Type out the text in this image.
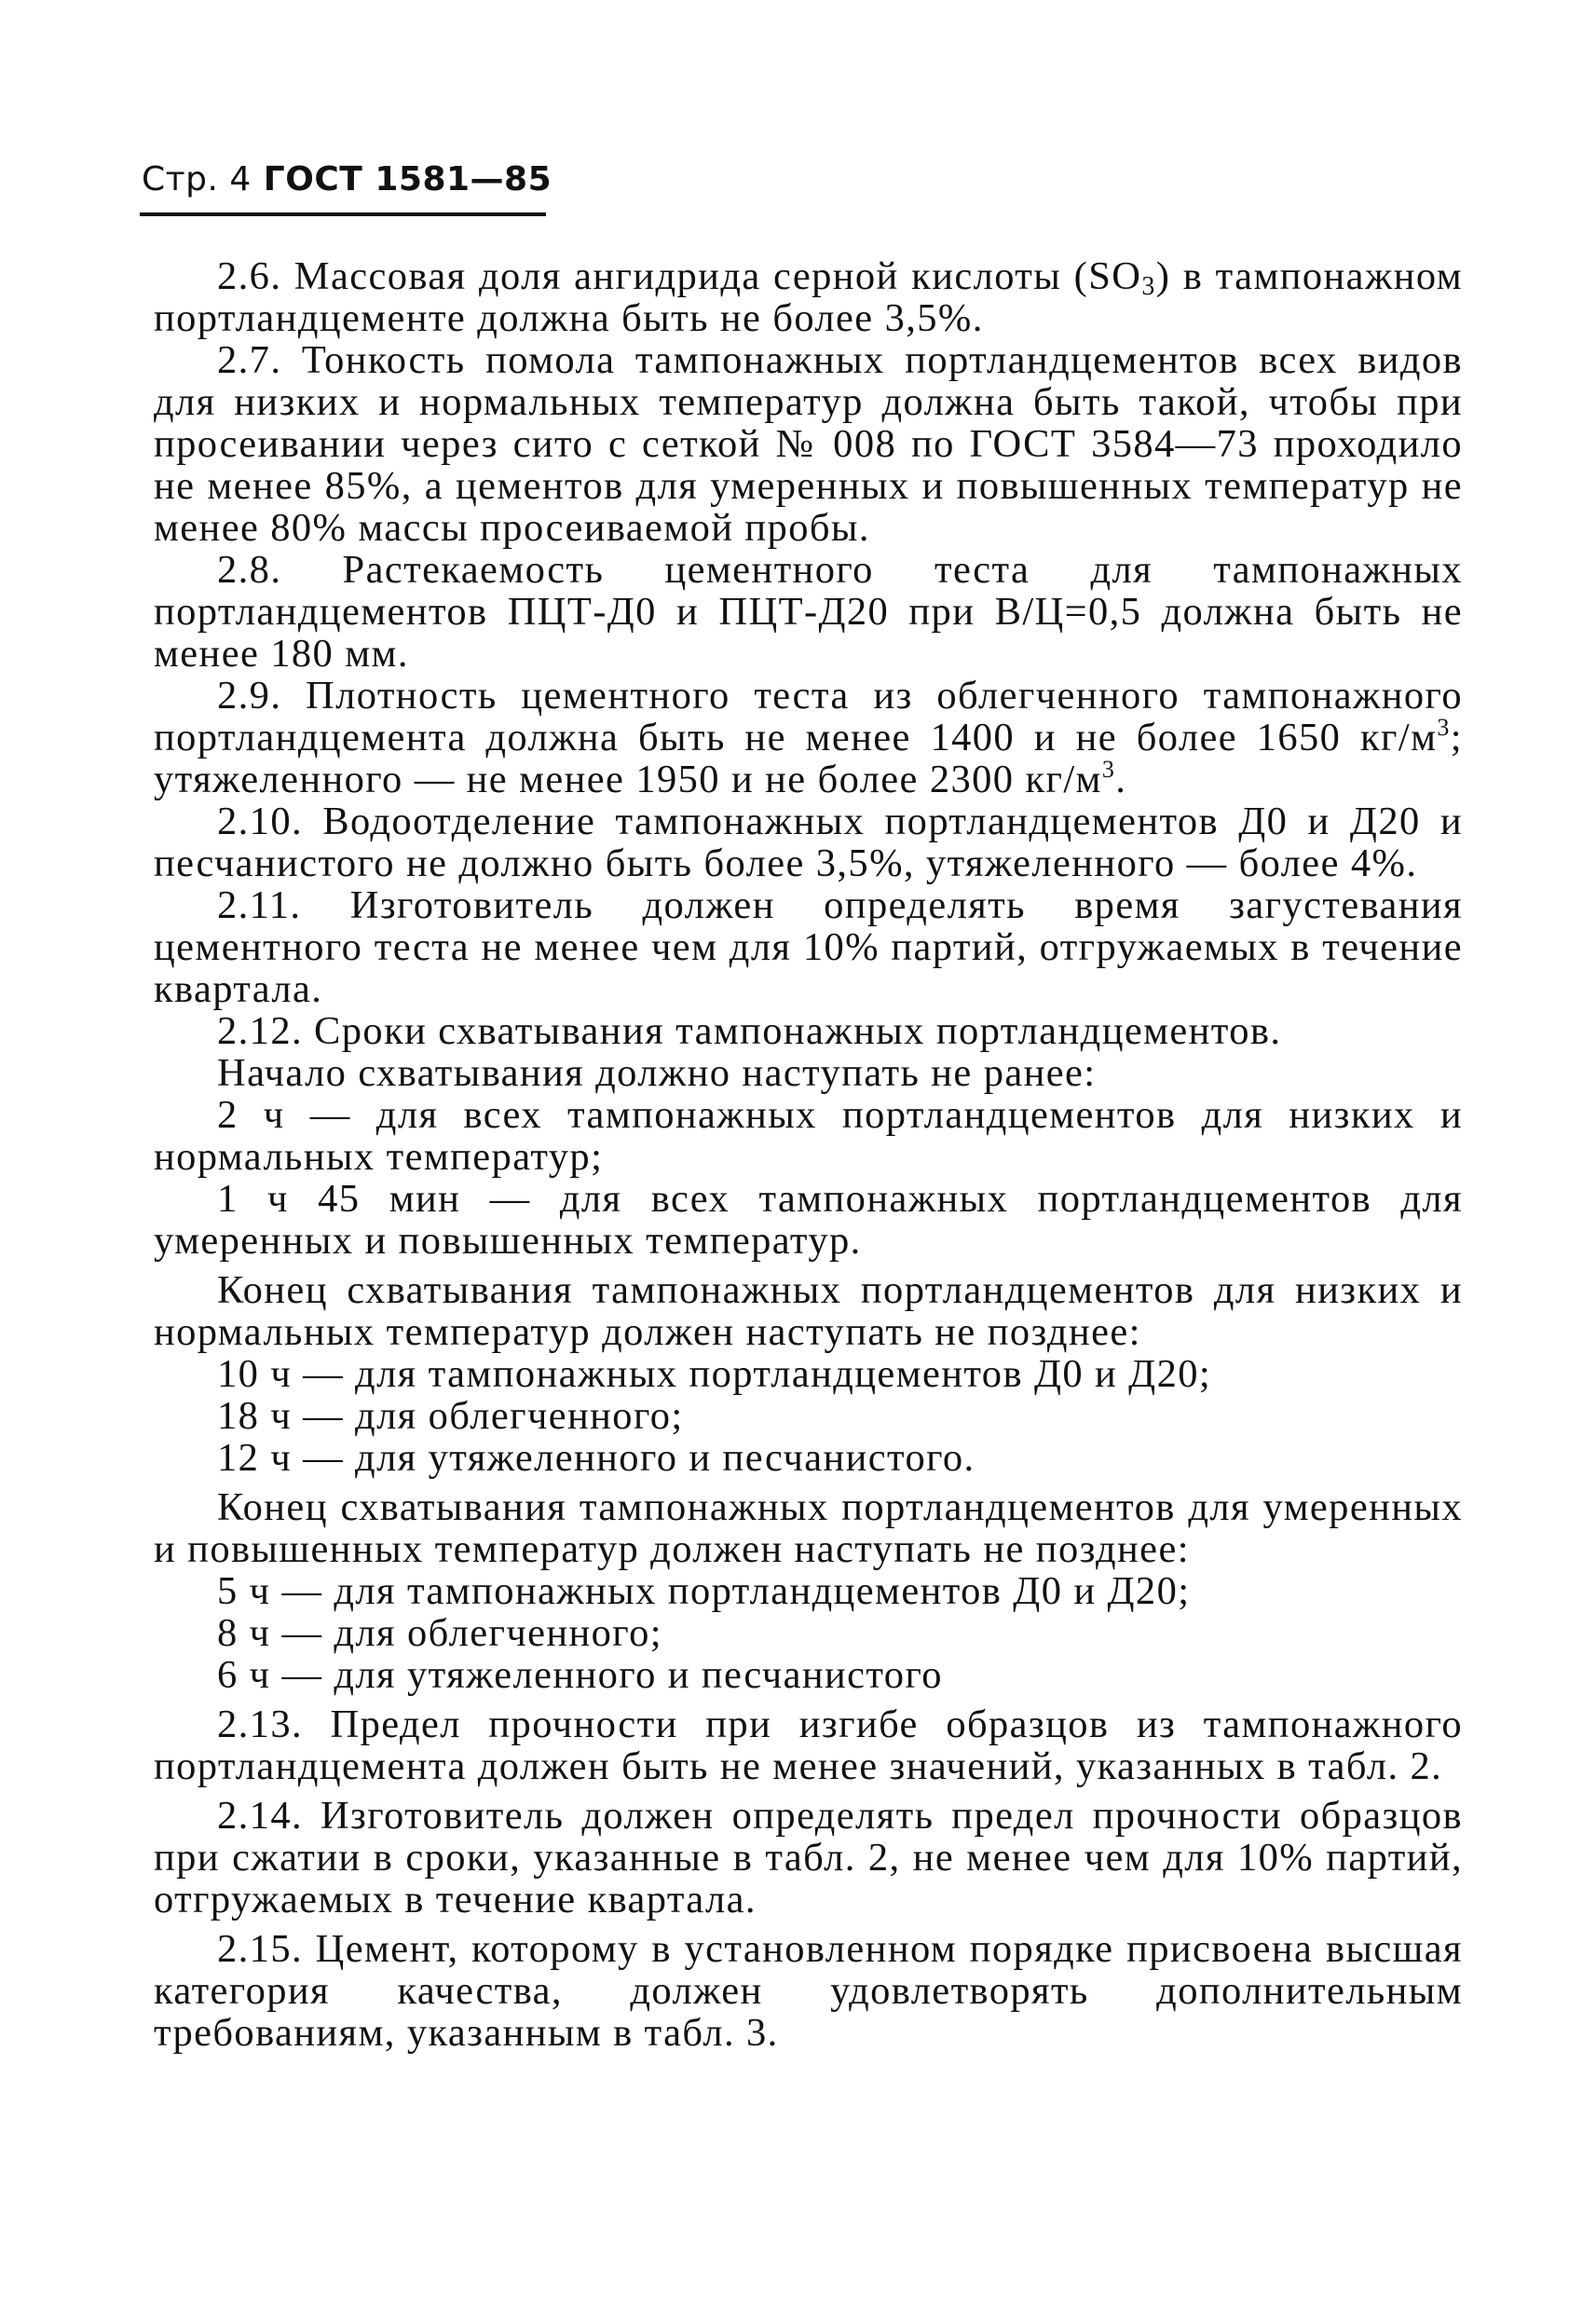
Стр. 4 ГОСТ 1581—85

2.6. Массовая доля ангидрида серной кислоты $(SO_3)$ в тампонажном портландцементе должна быть не более 3,5%.

2.7. Тонкость помола тампонажных портландцементов всех видов для низких и нормальных температур должна быть такой, чтобы при просеивании через сито с сеткой № 008 по ГОСТ 3584—73 проходило не менее 85%, а цементов для умеренных и повышенных температур не менее 80% массы просеиваемой пробы.

2.8. Растекаемость цементного теста для тампонажных портландцементов ПЦТ-Д0 и ПЦТ-Д20 при В/Ц=0,5 должна быть не менее 180 мм.

2.9. Плотность цементного теста из облегченного тампонажного портландцемента должна быть не менее 1400 и не более 1650 $кг/м^3$; утяжеленного — не менее 1950 и не более 2300 $кг/м^3$.

2.10. Водоотделение тампонажных портландцементов Д0 и Д20 и песчанистого не должно быть более 3,5%, утяжеленного — более 4%.

2.11. Изготовитель должен определять время загустевания цементного теста не менее чем для 10% партий, отгружаемых в течение квартала.

2.12. Сроки схватывания тампонажных портландцементов.

Начало схватывания должно наступать не ранее:

2 ч — для всех тампонажных портландцементов для низких и нормальных температур;

1 ч 45 мин — для всех тампонажных портландцементов для умеренных и повышенных температур.

Конец схватывания тампонажных портландцементов для низких и нормальных температур должен наступать не позднее:

10 ч — для тампонажных портландцементов Д0 и Д20;

18 ч — для облегченного;

12 ч — для утяжеленного и песчанистого.

Конец схватывания тампонажных портландцементов для умеренных и повышенных температур должен наступать не позднее:

5 ч — для тампонажных портландцементов Д0 и Д20;

8 ч — для облегченного;

6 ч — для утяжеленного и песчанистого

2.13. Предел прочности при изгибе образцов из тампонажного портландцемента должен быть не менее значений, указанных в табл. 2.

2.14. Изготовитель должен определять предел прочности образцов при сжатии в сроки, указанные в табл. 2, не менее чем для 10% партий, отгружаемых в течение квартала.

2.15. Цемент, которому в установленном порядке присвоена высшая категория качества, должен удовлетворять дополнительным требованиям, указанным в табл. 3.
